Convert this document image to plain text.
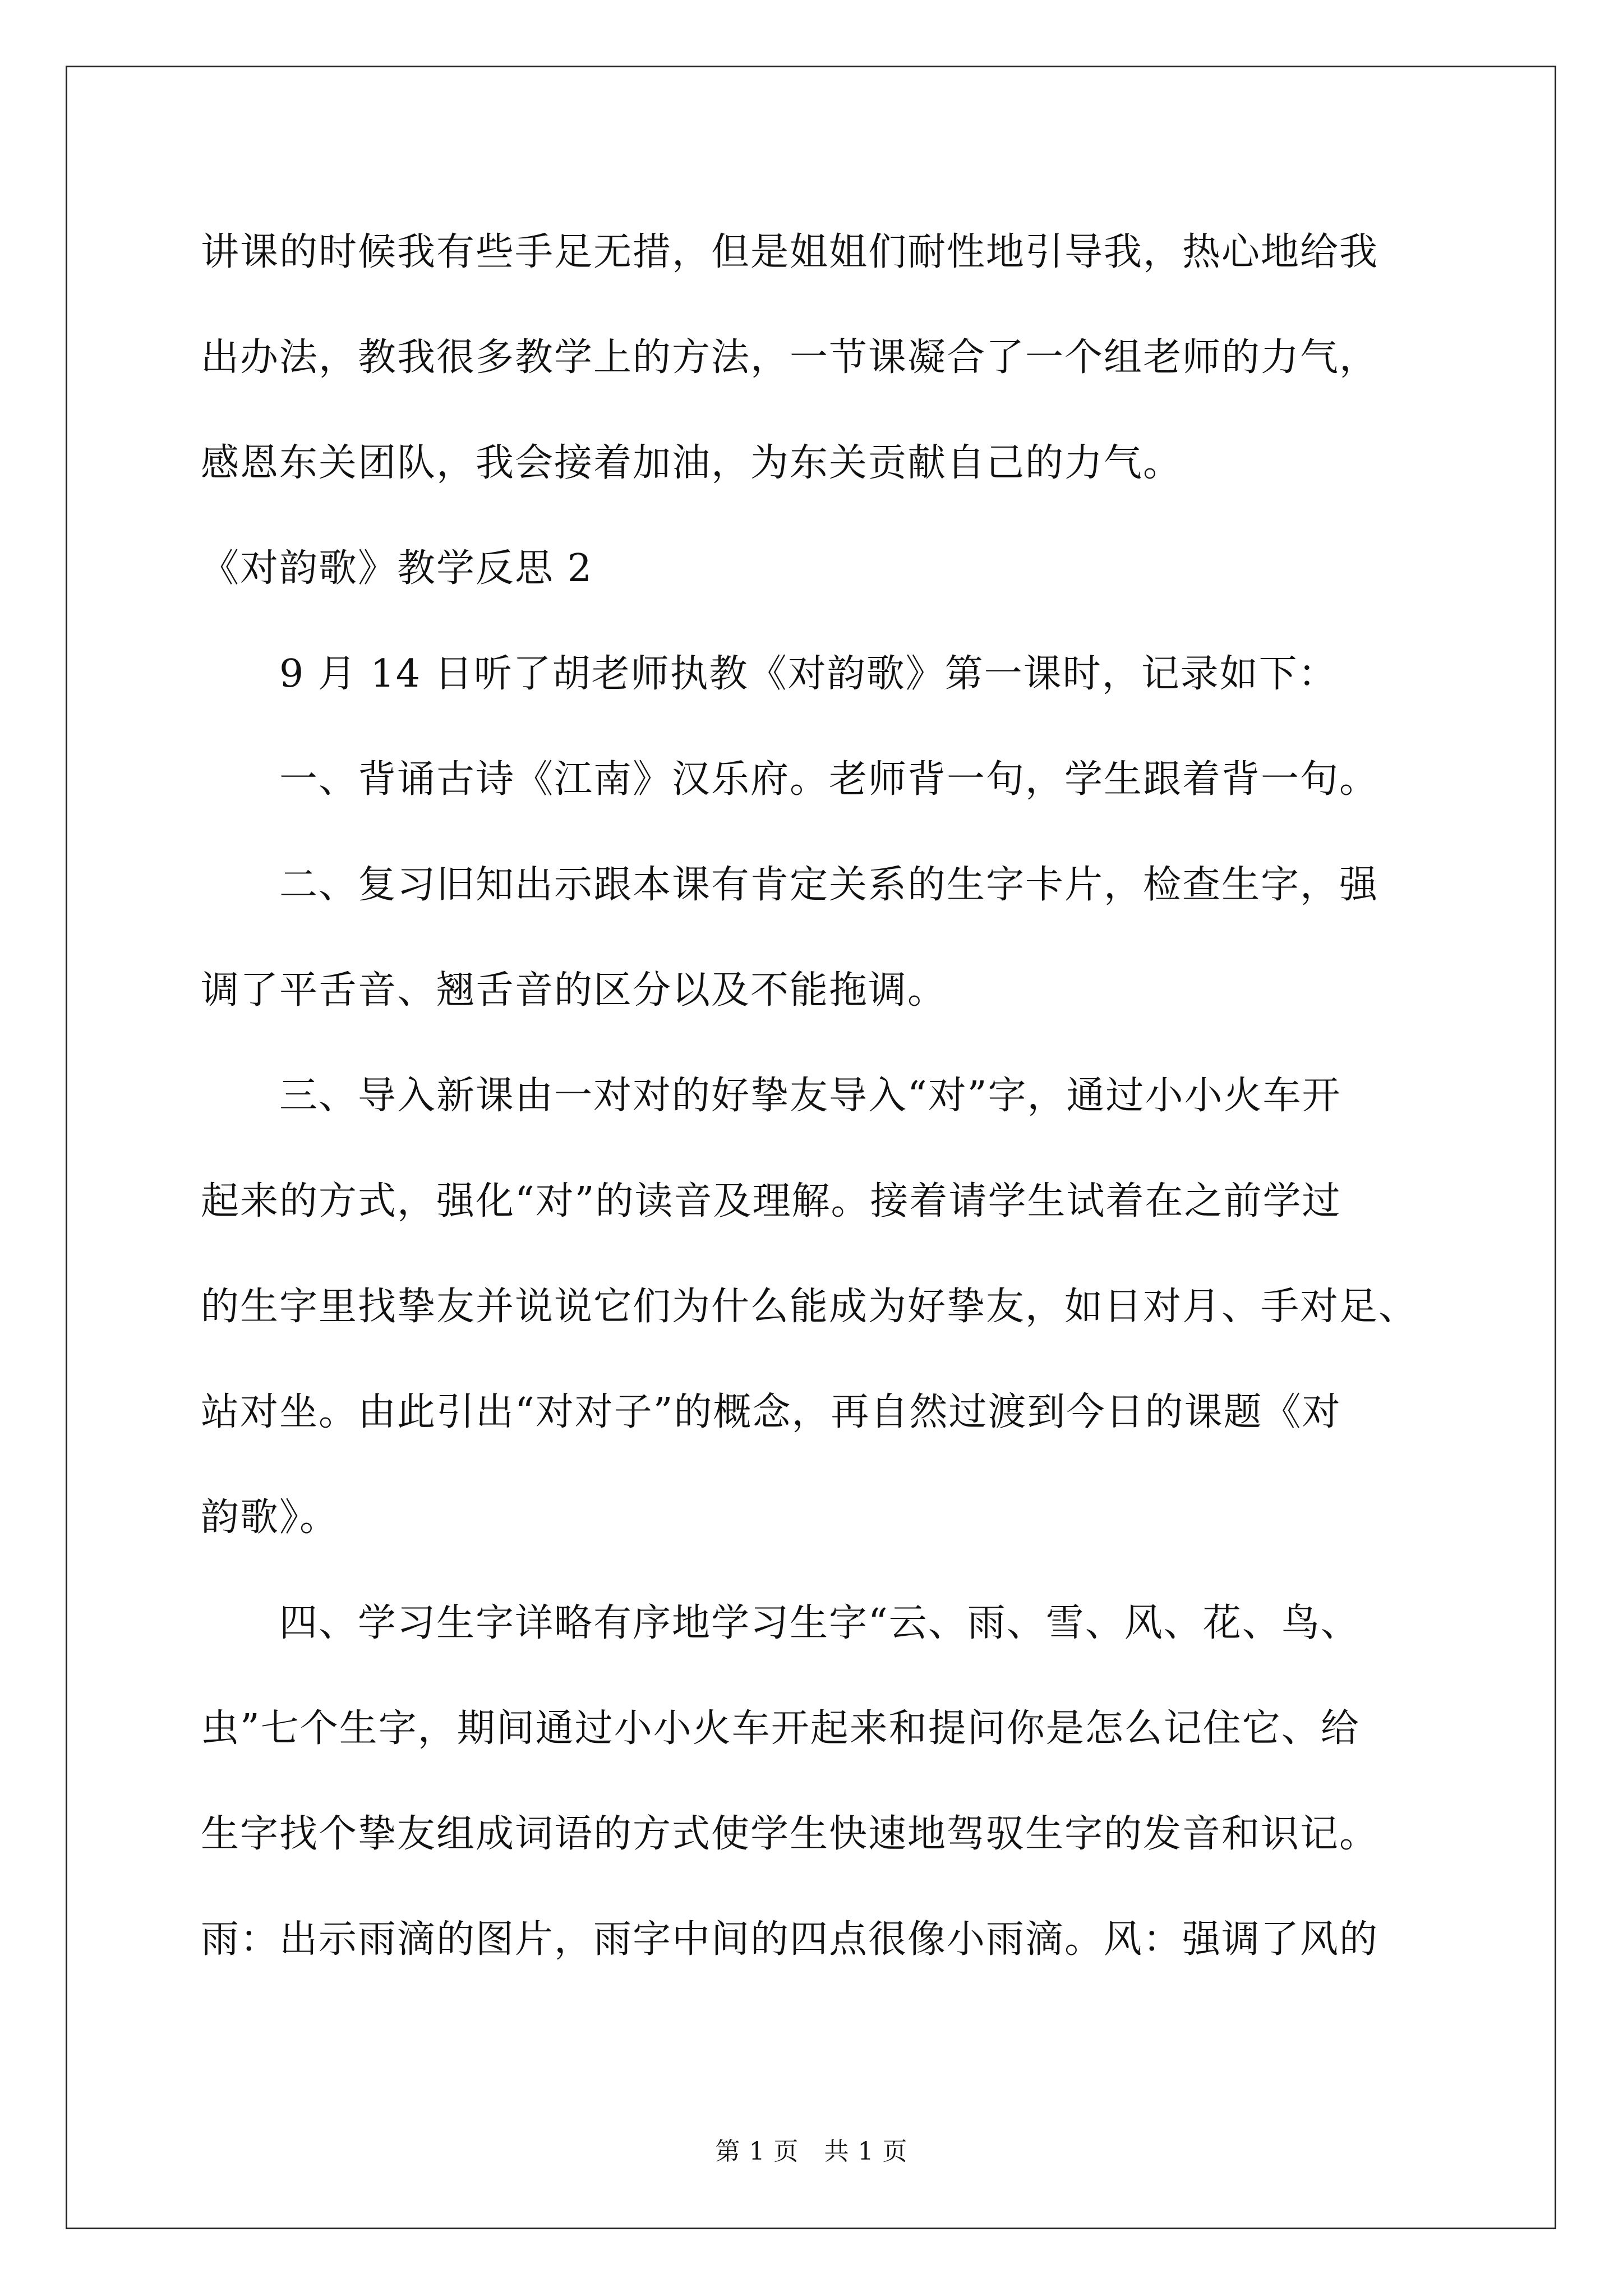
讲课的时候我有些手足无措，但是姐姐们耐性地引导我，热心地给我
出办法，教我很多教学上的方法，一节课凝合了一个组老师的力气，
感恩东关团队，我会接着加油，为东关贡献自己的力气。
《对韵歌》教学反思 2
9 月 14 日听了胡老师执教《对韵歌》第一课时，记录如下：
一、背诵古诗《江南》汉乐府。老师背一句，学生跟着背一句。
二、复习旧知出示跟本课有肯定关系的生字卡片，检查生字，强
调了平舌音、翘舌音的区分以及不能拖调。
三、导入新课由一对对的好挚友导入“对”字，通过小小火车开
起来的方式，强化“对”的读音及理解。接着请学生试着在之前学过
的生字里找挚友并说说它们为什么能成为好挚友，如日对月、手对足、
站对坐。由此引出“对对子”的概念，再自然过渡到今日的课题《对
韵歌》。
四、学习生字详略有序地学习生字“云、雨、雪、风、花、鸟、
虫”七个生字，期间通过小小火车开起来和提问你是怎么记住它、给
生字找个挚友组成词语的方式使学生快速地驾驭生字的发音和识记。
雨：出示雨滴的图片，雨字中间的四点很像小雨滴。风：强调了风的
第 1 页　共 1 页
